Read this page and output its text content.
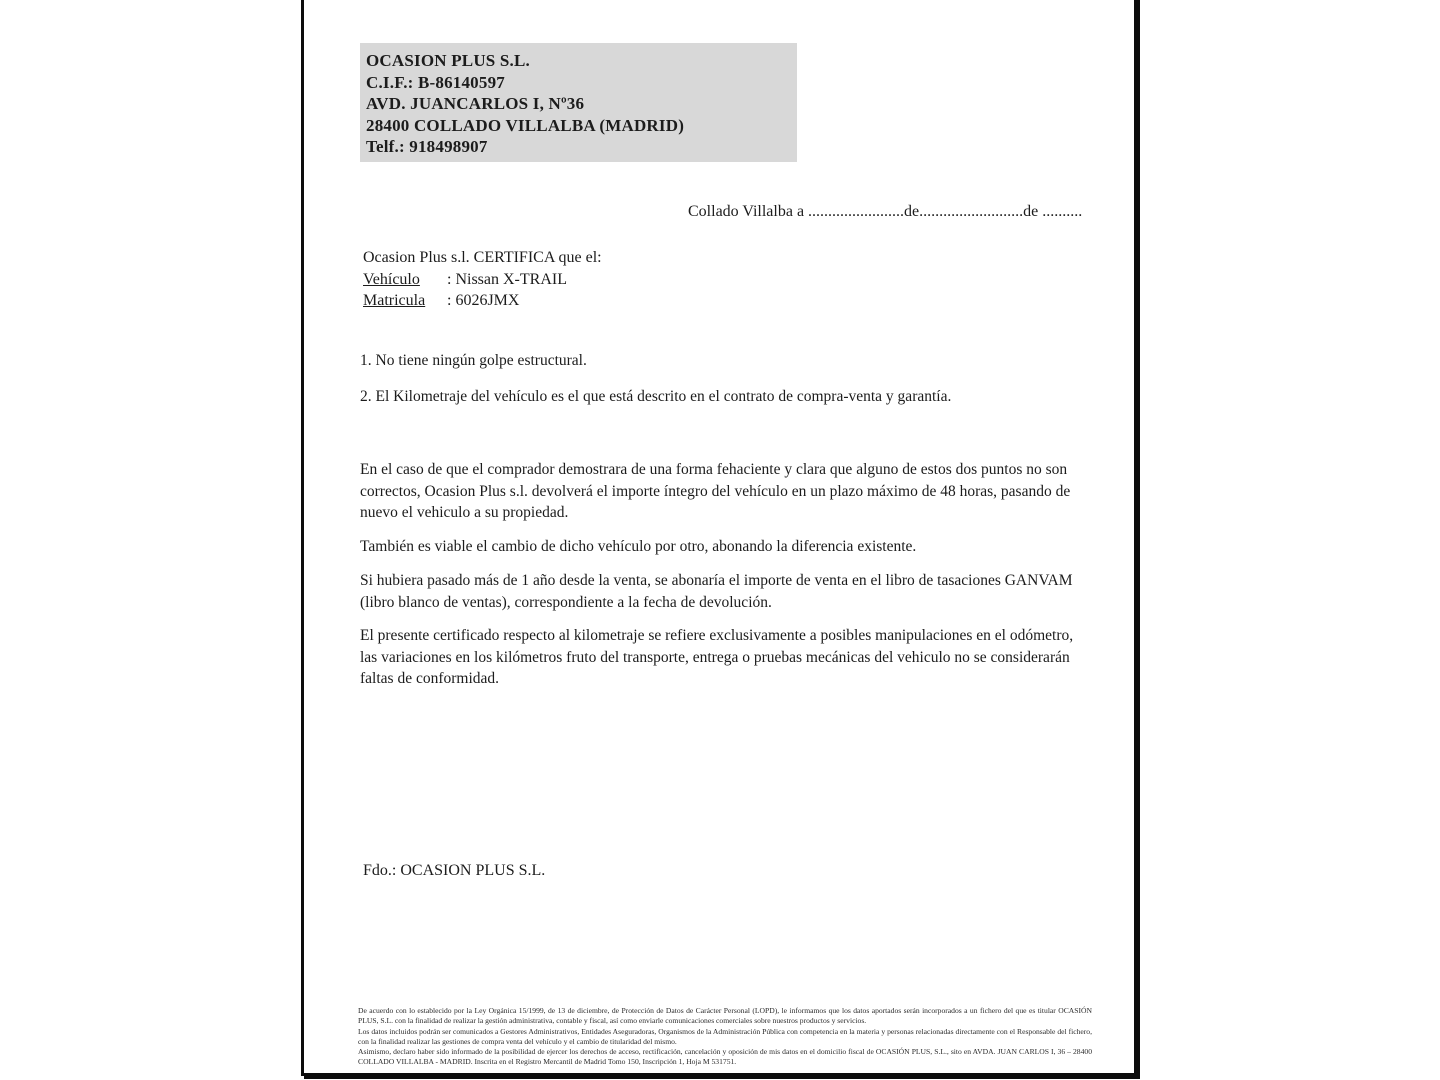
OCASION PLUS S.L.
C.I.F.: B-86140597
AVD. JUANCARLOS I, Nº36
28400 COLLADO VILLALBA (MADRID)
Telf.: 918498907
Collado Villalba a ........................de..........................de ..........
Ocasion Plus s.l. CERTIFICA que el:
Vehículo : Nissan X-TRAIL
Matricula : 6026JMX
1. No tiene ningún golpe estructural.
2. El Kilometraje del vehículo es el que está descrito en el contrato de compra-venta y garantía.
En el caso de que el comprador demostrara de una forma fehaciente y clara que alguno de estos dos puntos no son correctos, Ocasion Plus s.l. devolverá el importe íntegro del vehículo en un plazo máximo de 48 horas, pasando de nuevo el vehiculo a su propiedad.
También es viable el cambio de dicho vehículo por otro, abonando la diferencia existente.
Si hubiera pasado más de 1 año desde la venta, se abonaría el importe de venta en el libro de tasaciones GANVAM (libro blanco de ventas), correspondiente a la fecha de devolución.
El presente certificado respecto al kilometraje se refiere exclusivamente a posibles manipulaciones en el odómetro, las variaciones en los kilómetros fruto del transporte, entrega o pruebas mecánicas del vehiculo no se considerarán faltas de conformidad.
Fdo.: OCASION PLUS S.L.
De acuerdo con lo establecido por la Ley Orgánica 15/1999, de 13 de diciembre, de Protección de Datos de Carácter Personal (LOPD), le informamos que los datos aportados serán incorporados a un fichero del que es titular OCASIÓN PLUS, S.L. con la finalidad de realizar la gestión administrativa, contable y fiscal, así como enviarle comunicaciones comerciales sobre nuestros productos y servicios.
Los datos incluidos podrán ser comunicados a Gestores Administrativos, Entidades Aseguradoras, Organismos de la Administración Pública con competencia en la materia y personas relacionadas directamente con el Responsable del fichero, con la finalidad realizar las gestiones de compra venta del vehículo y el cambio de titularidad del mismo.
Asimismo, declaro haber sido informado de la posibilidad de ejercer los derechos de acceso, rectificación, cancelación y oposición de mis datos en el domicilio fiscal de OCASIÓN PLUS, S.L., sito en AVDA. JUAN CARLOS I, 36 – 28400 COLLADO VILLALBA - MADRID. Inscrita en el Registro Mercantil de Madrid Tomo 150, Inscripción 1, Hoja M 531751.
